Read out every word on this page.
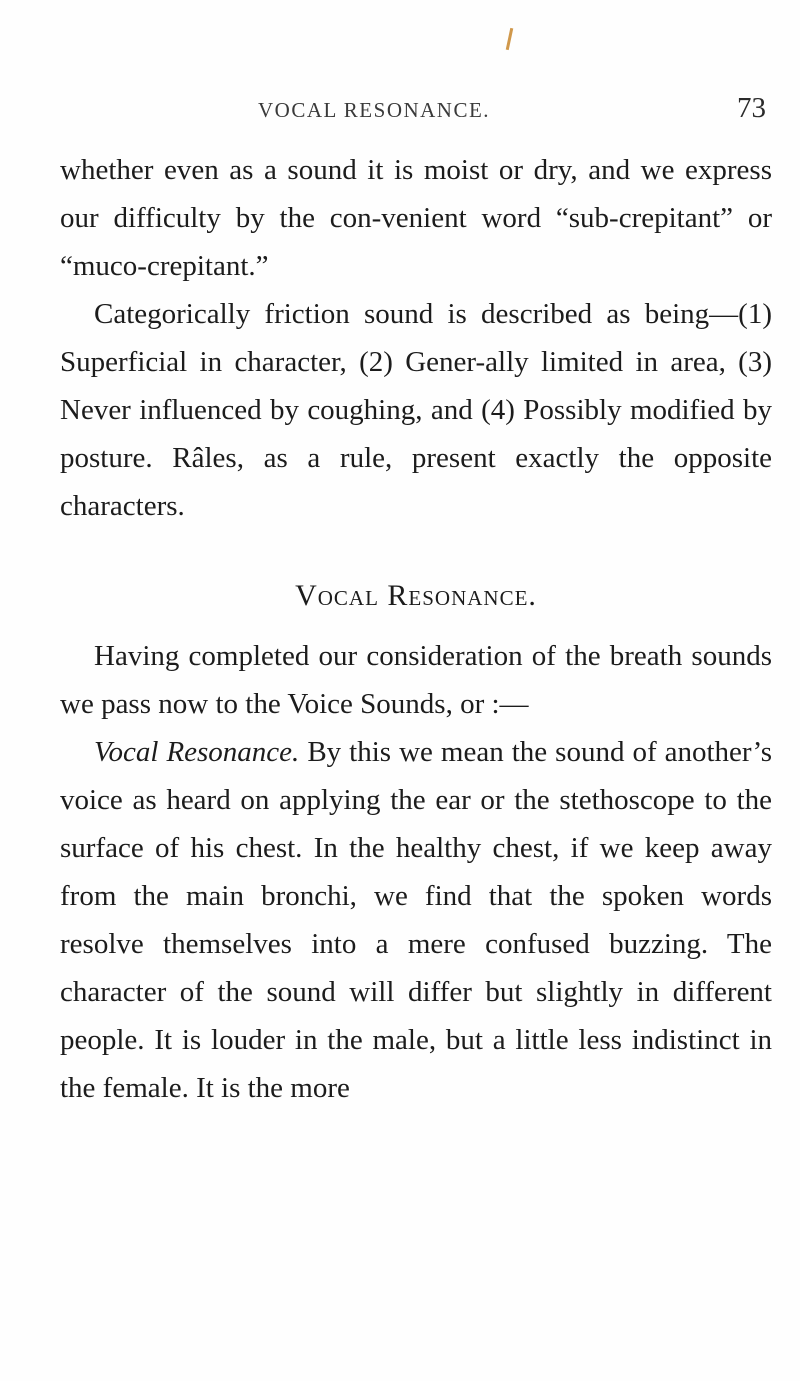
VOCAL RESONANCE.	73

whether even as a sound it is moist or dry, and we express our difficulty by the con-venient word “sub-crepitant” or “muco-crepitant.”

Categorically friction sound is described as being—(1) Superficial in character, (2) Gener-ally limited in area, (3) Never influenced by coughing, and (4) Possibly modified by posture. Râles, as a rule, present exactly the opposite characters.

Vocal Resonance.

Having completed our consideration of the breath sounds we pass now to the Voice Sounds, or :—

Vocal Resonance. By this we mean the sound of another’s voice as heard on applying the ear or the stethoscope to the surface of his chest. In the healthy chest, if we keep away from the main bronchi, we find that the spoken words resolve themselves into a mere confused buzzing. The character of the sound will differ but slightly in different people. It is louder in the male, but a little less indistinct in the female. It is the more
